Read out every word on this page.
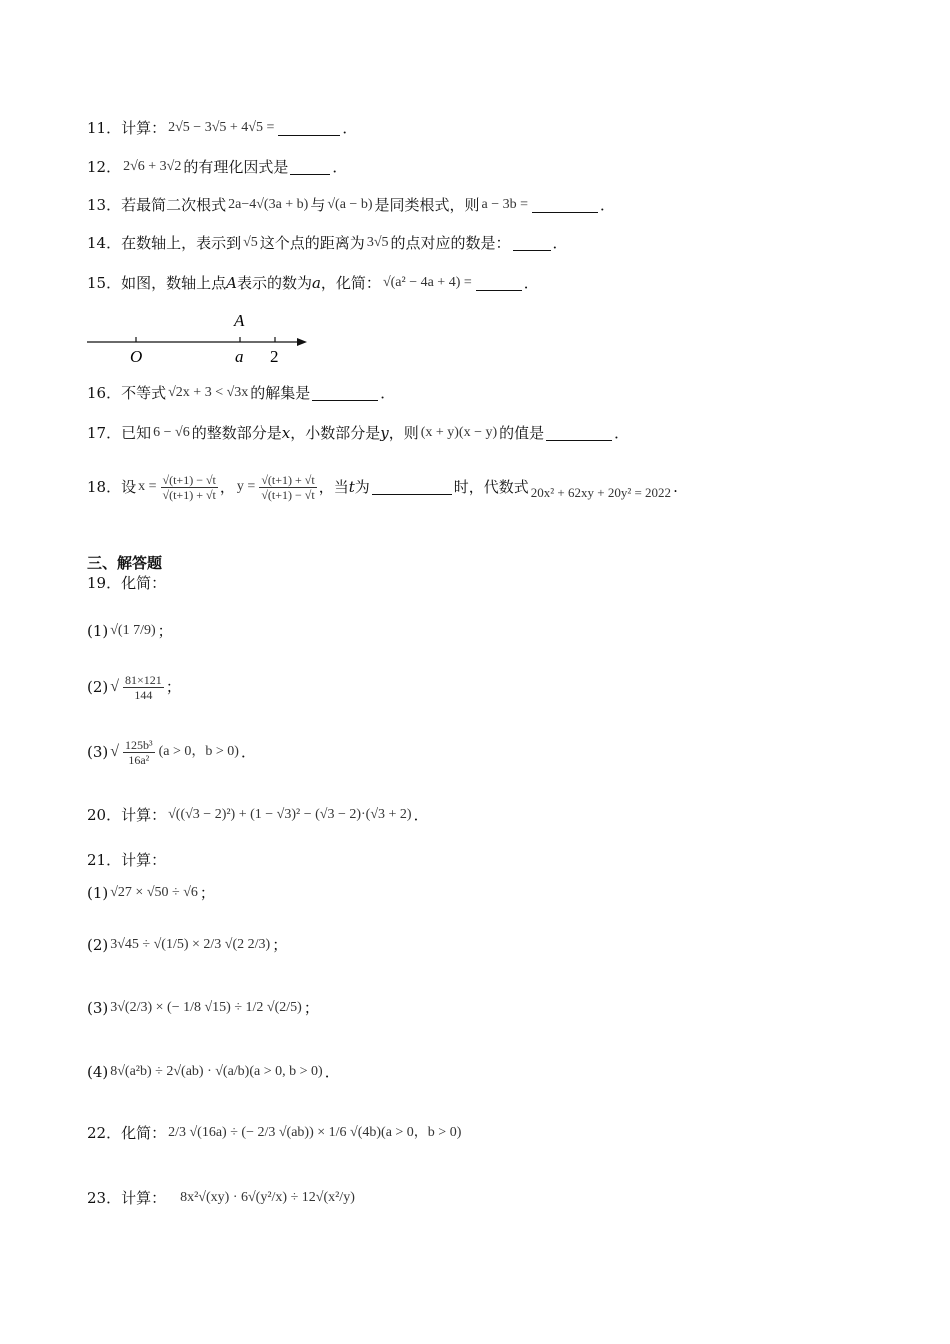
11． 计算： 2√5 − 3√5 + 4√5 =	．
12． 2√6 + 3√2 的有理化因式是	．
13． 若最简二次根式 2a−4√(3a + b) 与 √(a − b) 是同类根式，则 a − 3b =	．
14． 在数轴上，表示到 √5 这个点的距离为 3√5 的点对应的数是：	．
15． 如图，数轴上点 A 表示的数为 a ，化简： √(a² − 4a + 4) =	．
A
O	a 2
16． 不等式 √2x + 3 < √3x 的解集是	．
17． 已知 6 − √6 的整数部分是 x ，小数部分是 y ，则 (x + y)(x − y) 的值是	．
18． 设 $x = \frac{√(t+1) - √t}{√(t+1) + √t}$ ， $y = \frac{√(t+1) + √t}{√(t+1) - √t}$ ，当 t 为	时，代数式 20x² + 62xy + 20y² = 2022 .
三、解答题
19． 化简：
(1) √(1 7/9) ；
(2) √ $\frac{81\times 121}{144}$ ；
(3) √ $\frac{\text{125b³}}{\text{16a²}} (a > 0$，b > 0) ．
20． 计算： √((√3 − 2)²) + (1 − √3)² − (√3 − 2)·(√3 + 2) ．
21． 计算：
(1) √27 × √50 ÷ √6 ；
(2) 3√45 ÷ √(1/5) × 2/3 √(2 2/3) ；
(3) 3√(2/3) × (− 1/8 √15) ÷ 1/2 √(2/5) ；
(4) 8√(a²b) ÷ 2√(ab) · √(a/b)(a > 0, b > 0) ．
22． 化简： 2/3 √(16a) ÷ (− 2/3 √(ab)) × 1/6 √(4b)(a > 0，b > 0)
23． 计算： 8x²√(xy) · 6√(y²/x) ÷ 12√(x²/y)
